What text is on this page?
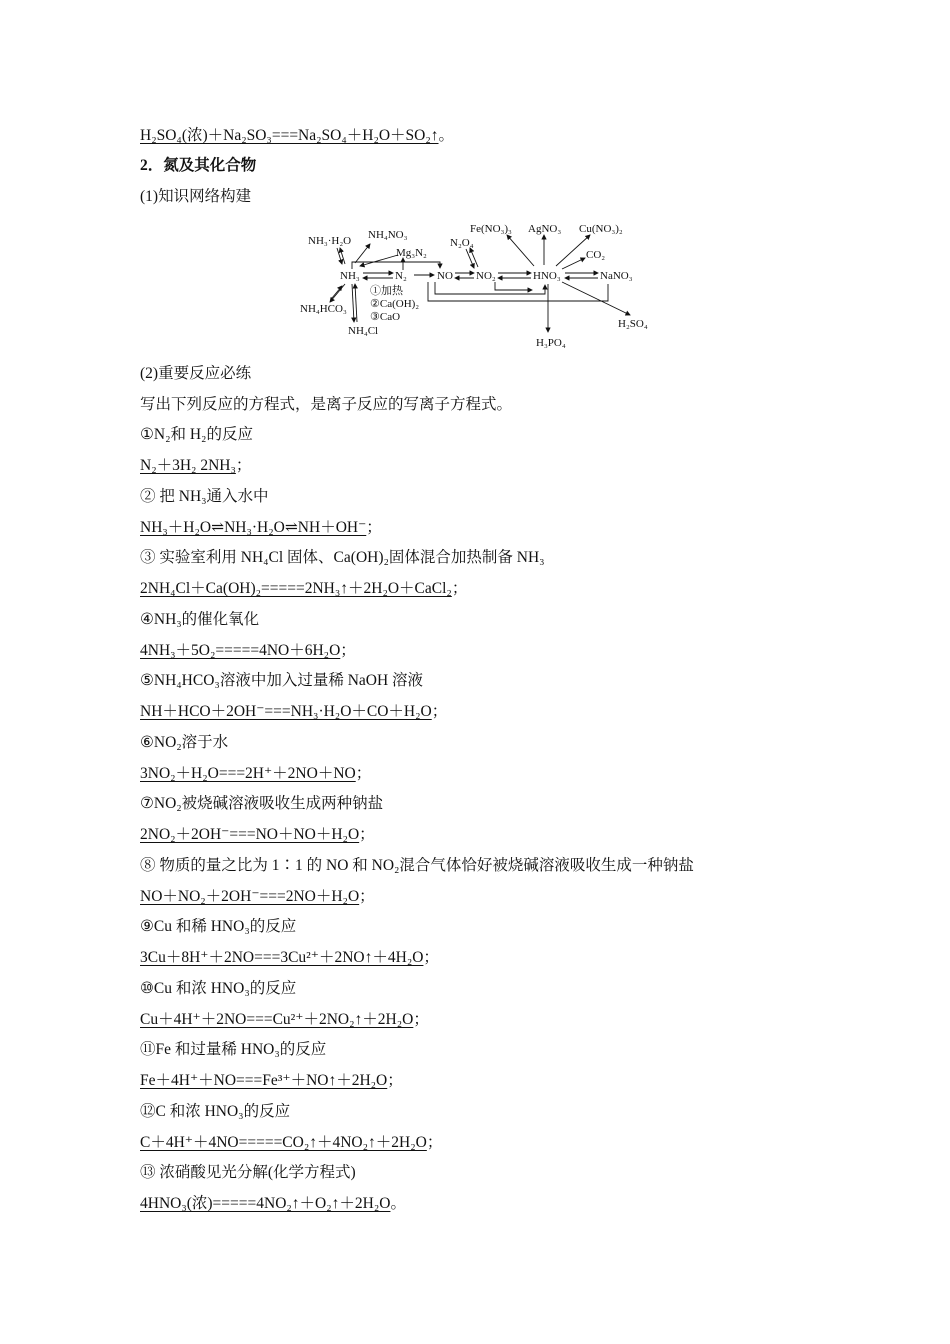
H₂SO₄(浓)＋Na₂SO₃===Na₂SO₄＋H₂O＋SO₂↑。
2．氮及其化合物
(1)知识网络构建
NH₃·H₂O NH₄NO₃
Mg₃N₂
NH₃	N₂	NO NO₂	HNO₃	NaNO₃
N₂O₄
Fe(NO₃)₃ AgNO₃ Cu(NO₃)₂
CO₂
NH₄HCO₃
NH₄Cl
①加热
②Ca(OH)₂
③CaO
H₂SO₄
H₃PO₄
(2)重要反应必练
写出下列反应的方程式，是离子反应的写离子方程式。
①N₂和 H₂的反应
N₂＋3H₂ 2NH₃；
② 把 NH₃通入水中
NH₃＋H₂O⇌NH₃·H₂O⇌NH＋OH⁻；
③ 实验室利用 NH₄Cl 固体、Ca(OH)₂固体混合加热制备 NH₃
2NH₄Cl＋Ca(OH)₂=====2NH₃↑＋2H₂O＋CaCl₂；
④NH₃的催化氧化
4NH₃＋5O₂=====4NO＋6H₂O；
⑤NH₄HCO₃溶液中加入过量稀 NaOH 溶液
NH＋HCO＋2OH⁻===NH₃·H₂O＋CO＋H₂O；
⑥NO₂溶于水
3NO₂＋H₂O===2H⁺＋2NO＋NO；
⑦NO₂被烧碱溶液吸收生成两种钠盐
2NO₂＋2OH⁻===NO＋NO＋H₂O；
⑧ 物质的量之比为 1∶1 的 NO 和 NO₂混合气体恰好被烧碱溶液吸收生成一种钠盐
NO＋NO₂＋2OH⁻===2NO＋H₂O；
⑨Cu 和稀 HNO₃的反应
3Cu＋8H⁺＋2NO===3Cu²⁺＋2NO↑＋4H₂O；
⑩Cu 和浓 HNO₃的反应
Cu＋4H⁺＋2NO===Cu²⁺＋2NO₂↑＋2H₂O；
⑪Fe 和过量稀 HNO₃的反应
Fe＋4H⁺＋NO===Fe³⁺＋NO↑＋2H₂O；
⑫C 和浓 HNO₃的反应
C＋4H⁺＋4NO=====CO₂↑＋4NO₂↑＋2H₂O；
⑬ 浓硝酸见光分解(化学方程式)
4HNO₃(浓)=====4NO₂↑＋O₂↑＋2H₂O。
